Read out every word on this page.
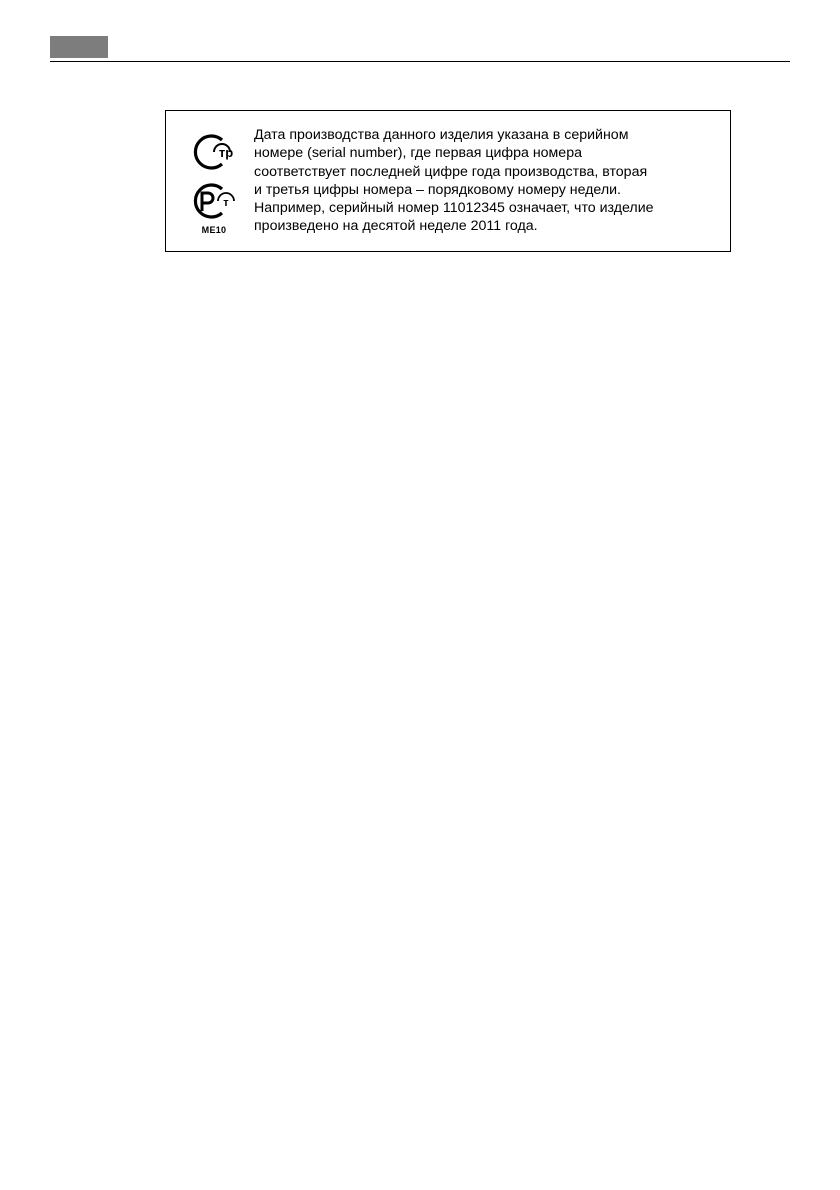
тр
т
ME10

Дата производства данного изделия указана в серийном
номере (serial number), где первая цифра номера
соответствует последней цифре года производства, вторая
и третья цифры номера – порядковому номеру недели.
Например, серийный номер 11012345 означает, что изделие
произведено на десятой неделе 2011 года.
